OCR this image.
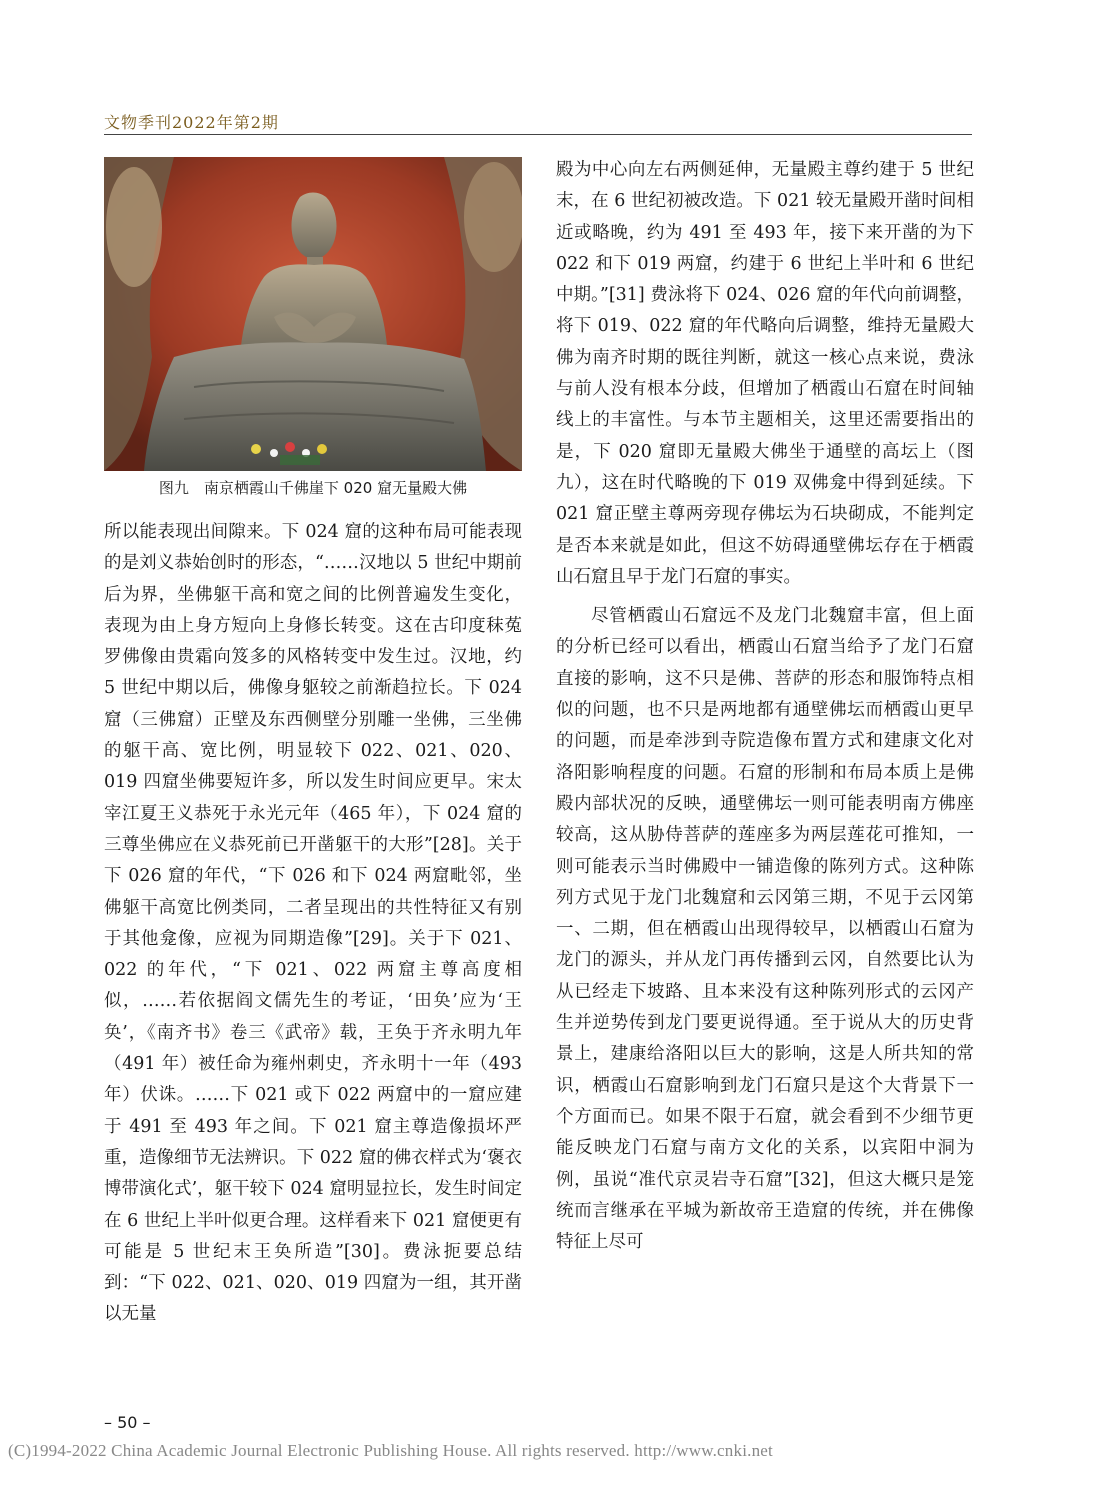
文物季刊2022年第2期
图九　南京栖霞山千佛崖下 020 窟无量殿大佛

所以能表现出间隙来。下 024 窟的这种布局可能表现的是刘义恭始创时的形态，“……汉地以 5 世纪中期前后为界，坐佛躯干高和宽之间的比例普遍发生变化，表现为由上身方短向上身修长转变。这在古印度秣菟罗佛像由贵霜向笈多的风格转变中发生过。汉地，约 5 世纪中期以后，佛像身躯较之前渐趋拉长。下 024 窟（三佛窟）正壁及东西侧壁分别雕一坐佛，三坐佛的躯干高、宽比例，明显较下 022、021、020、019 四窟坐佛要短许多，所以发生时间应更早。宋太宰江夏王义恭死于永光元年（465 年），下 024 窟的三尊坐佛应在义恭死前已开凿躯干的大形”[28]。关于下 026 窟的年代，“下 026 和下 024 两窟毗邻，坐佛躯干高宽比例类同，二者呈现出的共性特征又有别于其他龛像，应视为同期造像”[29]。关于下 021、022 的年代，“下 021、022 两窟主尊高度相似，……若依据阎文儒先生的考证，‘田奂’应为‘王奂’，《南齐书》卷三《武帝》载，王奂于齐永明九年（491 年）被任命为雍州刺史，齐永明十一年（493 年）伏诛。……下 021 或下 022 两窟中的一窟应建于 491 至 493 年之间。下 021 窟主尊造像损坏严重，造像细节无法辨识。下 022 窟的佛衣样式为‘褒衣博带演化式’，躯干较下 024 窟明显拉长，发生时间定在 6 世纪上半叶似更合理。这样看来下 021 窟便更有可能是 5 世纪末王奂所造”[30]。费泳扼要总结到：“下 022、021、020、019 四窟为一组，其开凿以无量

殿为中心向左右两侧延伸，无量殿主尊约建于 5 世纪末，在 6 世纪初被改造。下 021 较无量殿开凿时间相近或略晚，约为 491 至 493 年，接下来开凿的为下 022 和下 019 两窟，约建于 6 世纪上半叶和 6 世纪中期。”[31] 费泳将下 024、026 窟的年代向前调整，将下 019、022 窟的年代略向后调整，维持无量殿大佛为南齐时期的既往判断，就这一核心点来说，费泳与前人没有根本分歧，但增加了栖霞山石窟在时间轴线上的丰富性。与本节主题相关，这里还需要指出的是，下 020 窟即无量殿大佛坐于通壁的高坛上（图九），这在时代略晚的下 019 双佛龛中得到延续。下 021 窟正壁主尊两旁现存佛坛为石块砌成，不能判定是否本来就是如此，但这不妨碍通壁佛坛存在于栖霞山石窟且早于龙门石窟的事实。

尽管栖霞山石窟远不及龙门北魏窟丰富，但上面的分析已经可以看出，栖霞山石窟当给予了龙门石窟直接的影响，这不只是佛、菩萨的形态和服饰特点相似的问题，也不只是两地都有通壁佛坛而栖霞山更早的问题，而是牵涉到寺院造像布置方式和建康文化对洛阳影响程度的问题。石窟的形制和布局本质上是佛殿内部状况的反映，通壁佛坛一则可能表明南方佛座较高，这从胁侍菩萨的莲座多为两层莲花可推知，一则可能表示当时佛殿中一铺造像的陈列方式。这种陈列方式见于龙门北魏窟和云冈第三期，不见于云冈第一、二期，但在栖霞山出现得较早，以栖霞山石窟为龙门的源头，并从龙门再传播到云冈，自然要比认为从已经走下坡路、且本来没有这种陈列形式的云冈产生并逆势传到龙门要更说得通。至于说从大的历史背景上，建康给洛阳以巨大的影响，这是人所共知的常识，栖霞山石窟影响到龙门石窟只是这个大背景下一个方面而已。如果不限于石窟，就会看到不少细节更能反映龙门石窟与南方文化的关系，以宾阳中洞为例，虽说“准代京灵岩寺石窟”[32]，但这大概只是笼统而言继承在平城为新故帝王造窟的传统，并在佛像特征上尽可

– 50 –
(C)1994-2022 China Academic Journal Electronic Publishing House. All rights reserved. http://www.cnki.net
